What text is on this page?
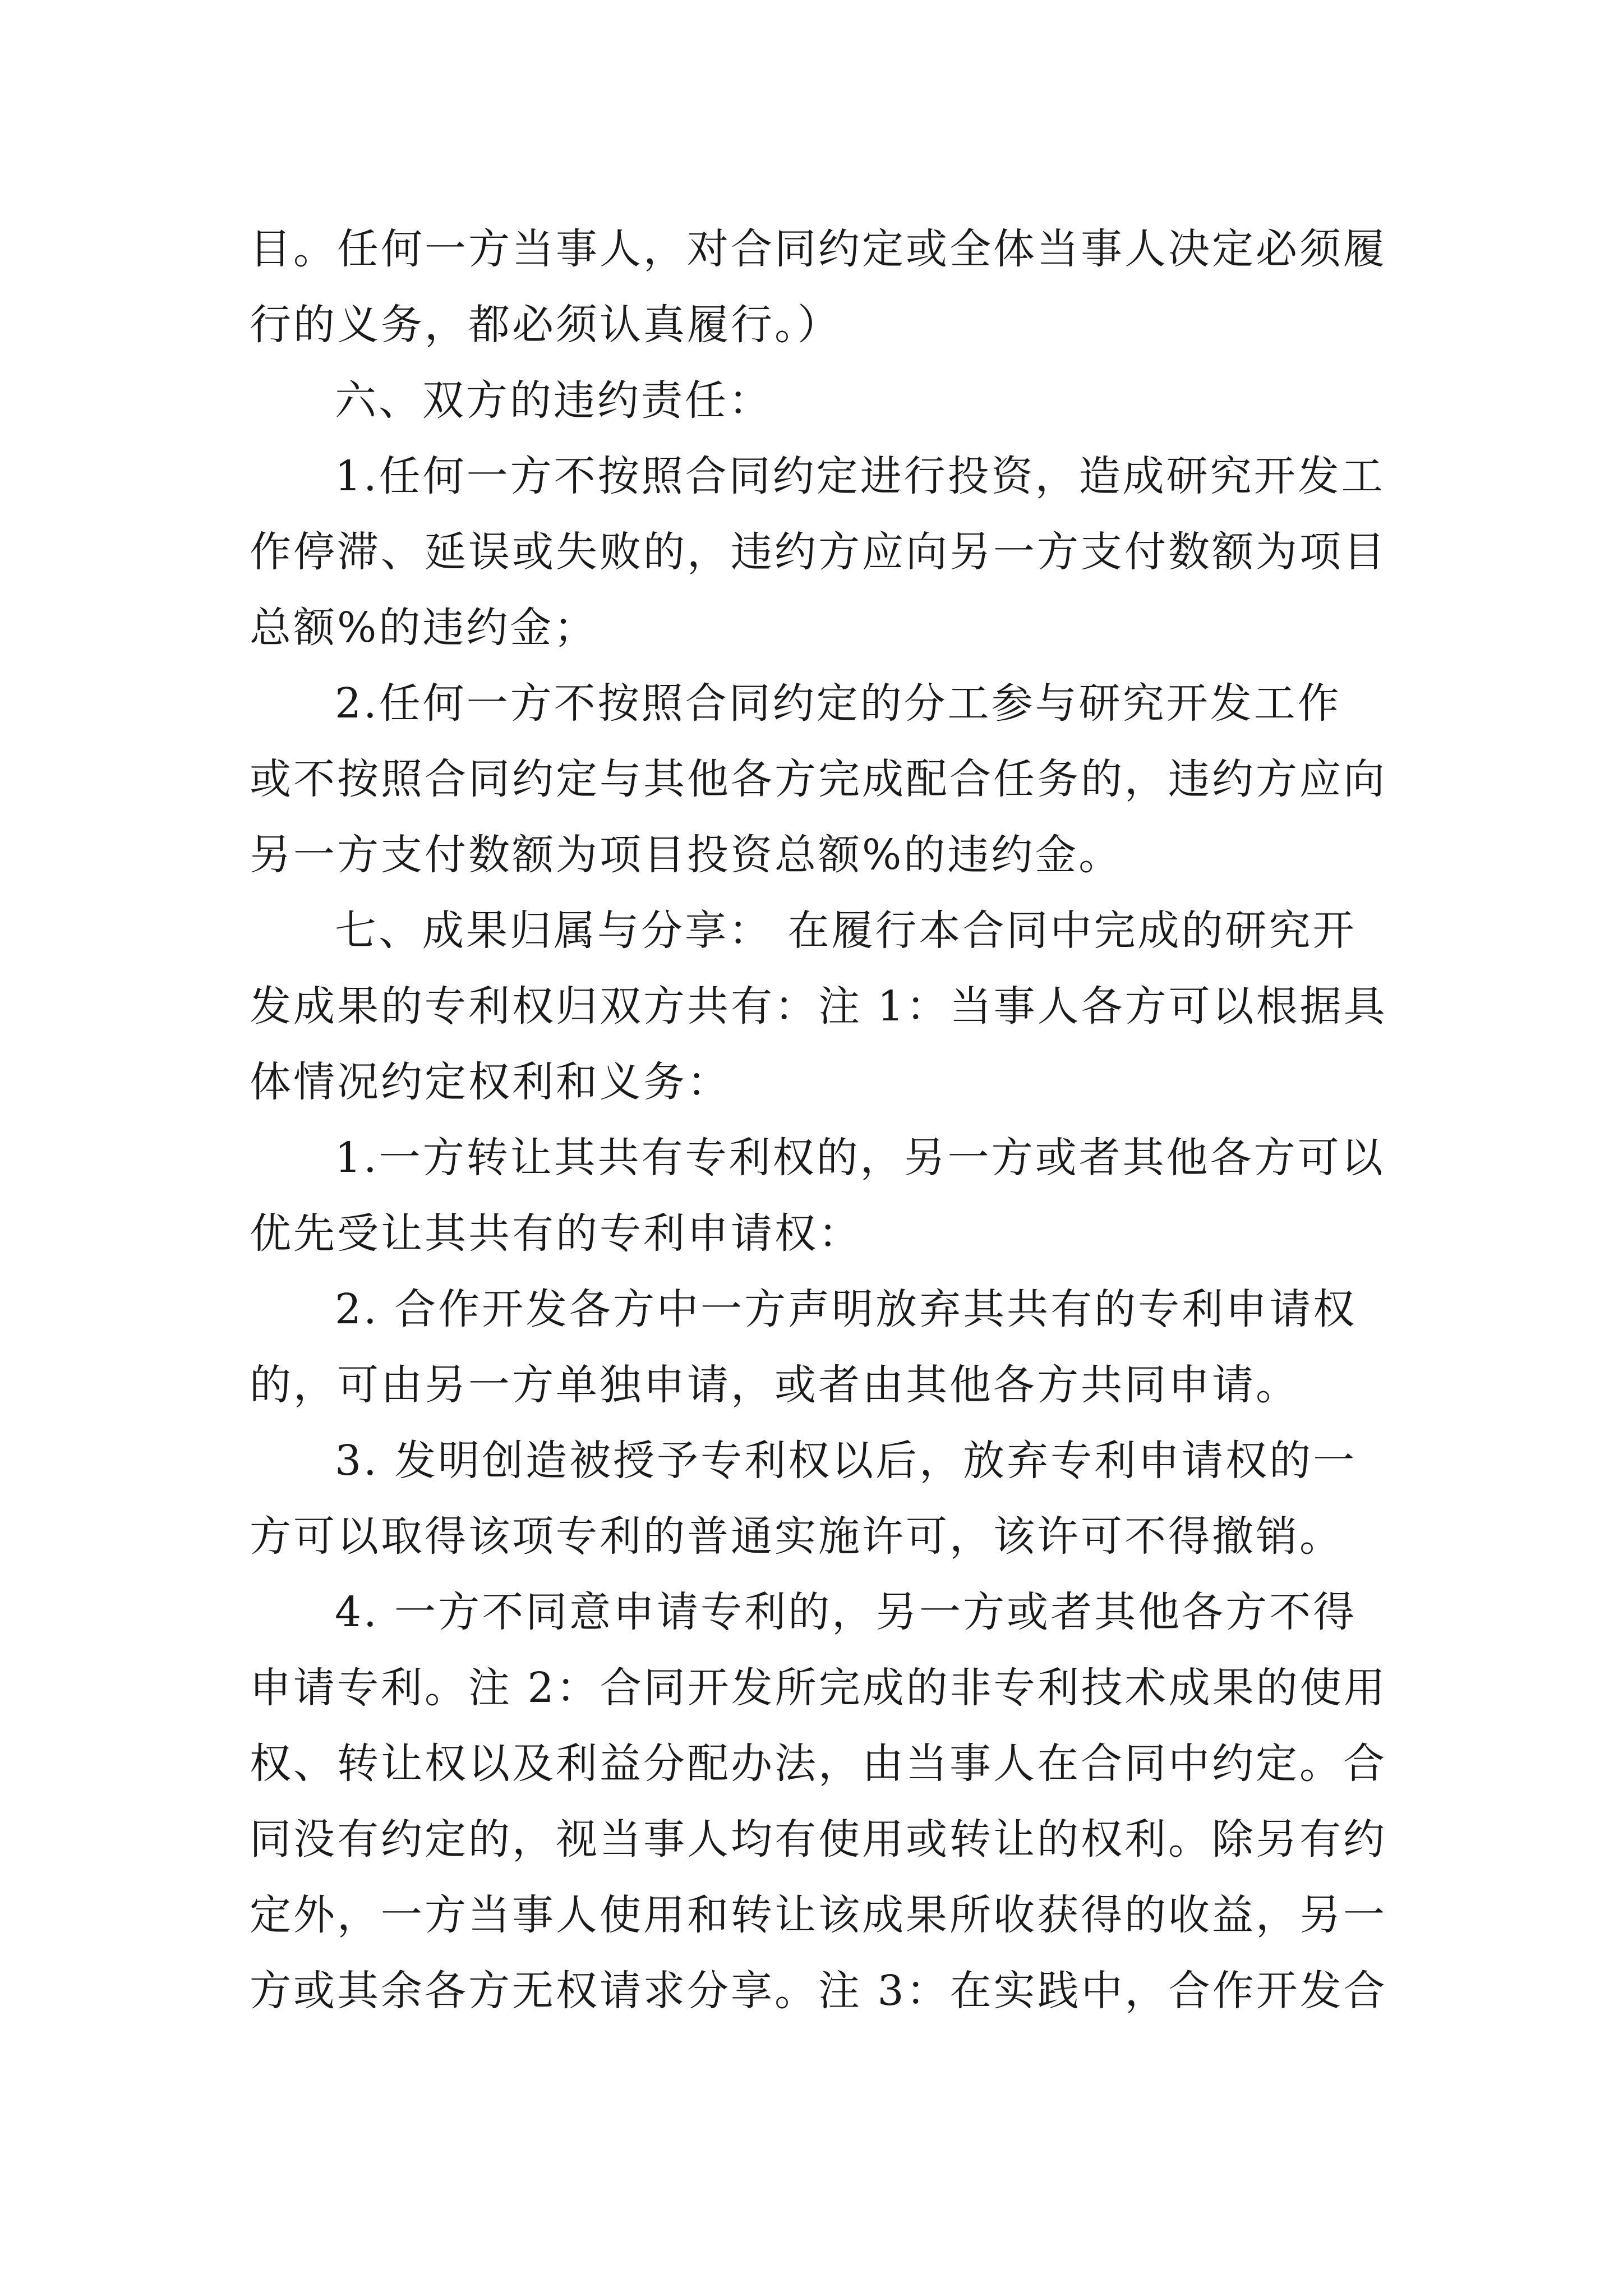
目。任何一方当事人，对合同约定或全体当事人决定必须履
行的义务，都必须认真履行。）
六、双方的违约责任：
1.任何一方不按照合同约定进行投资，造成研究开发工
作停滞、延误或失败的，违约方应向另一方支付数额为项目
总额%的违约金；
2.任何一方不按照合同约定的分工参与研究开发工作
或不按照合同约定与其他各方完成配合任务的，违约方应向
另一方支付数额为项目投资总额%的违约金。
七、成果归属与分享： 在履行本合同中完成的研究开
发成果的专利权归双方共有：注 1：当事人各方可以根据具
体情况约定权利和义务：
1.一方转让其共有专利权的，另一方或者其他各方可以
优先受让其共有的专利申请权：
2. 合作开发各方中一方声明放弃其共有的专利申请权
的，可由另一方单独申请，或者由其他各方共同申请。
3. 发明创造被授予专利权以后，放弃专利申请权的一
方可以取得该项专利的普通实施许可，该许可不得撤销。
4. 一方不同意申请专利的，另一方或者其他各方不得
申请专利。注 2：合同开发所完成的非专利技术成果的使用
权、转让权以及利益分配办法，由当事人在合同中约定。合
同没有约定的，视当事人均有使用或转让的权利。除另有约
定外，一方当事人使用和转让该成果所收获得的收益，另一
方或其余各方无权请求分享。注 3：在实践中，合作开发合
